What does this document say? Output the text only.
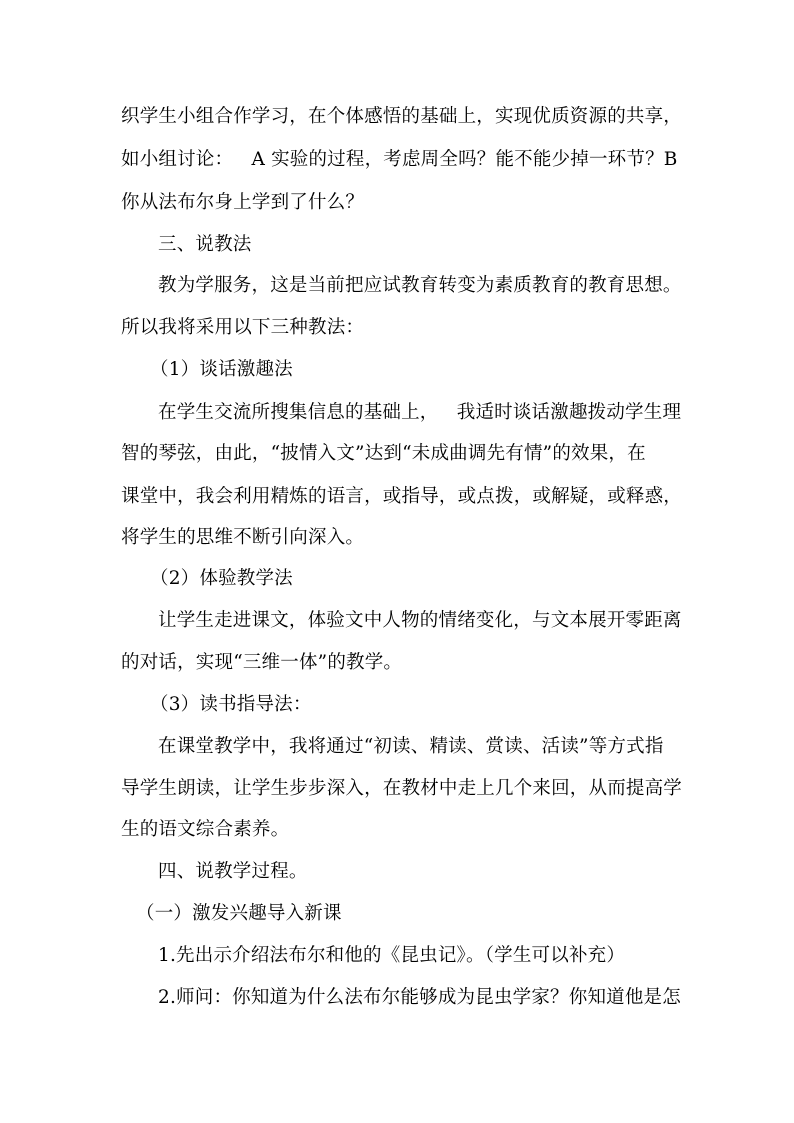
织学生小组合作学习，在个体感悟的基础上，实现优质资源的共享，
如小组讨论：   A 实验的过程，考虑周全吗？能不能少掉一环节？B
你从法布尔身上学到了什么？
三、说教法
教为学服务，这是当前把应试教育转变为素质教育的教育思想。
所以我将采用以下三种教法：
（1）谈话激趣法
在学生交流所搜集信息的基础上，   我适时谈话激趣拨动学生理
智的琴弦，由此，“披情入文”达到“未成曲调先有情”的效果，在
课堂中，我会利用精炼的语言，或指导，或点拨，或解疑，或释惑，
将学生的思维不断引向深入。
（2）体验教学法
让学生走进课文，体验文中人物的情绪变化，与文本展开零距离
的对话，实现“三维一体”的教学。
（3）读书指导法：
在课堂教学中，我将通过“初读、精读、赏读、活读”等方式指
导学生朗读，让学生步步深入，在教材中走上几个来回，从而提高学
生的语文综合素养。
四、说教学过程。
（一）激发兴趣导入新课
1.先出示介绍法布尔和他的《昆虫记》。（学生可以补充）
2.师问：你知道为什么法布尔能够成为昆虫学家？你知道他是怎
